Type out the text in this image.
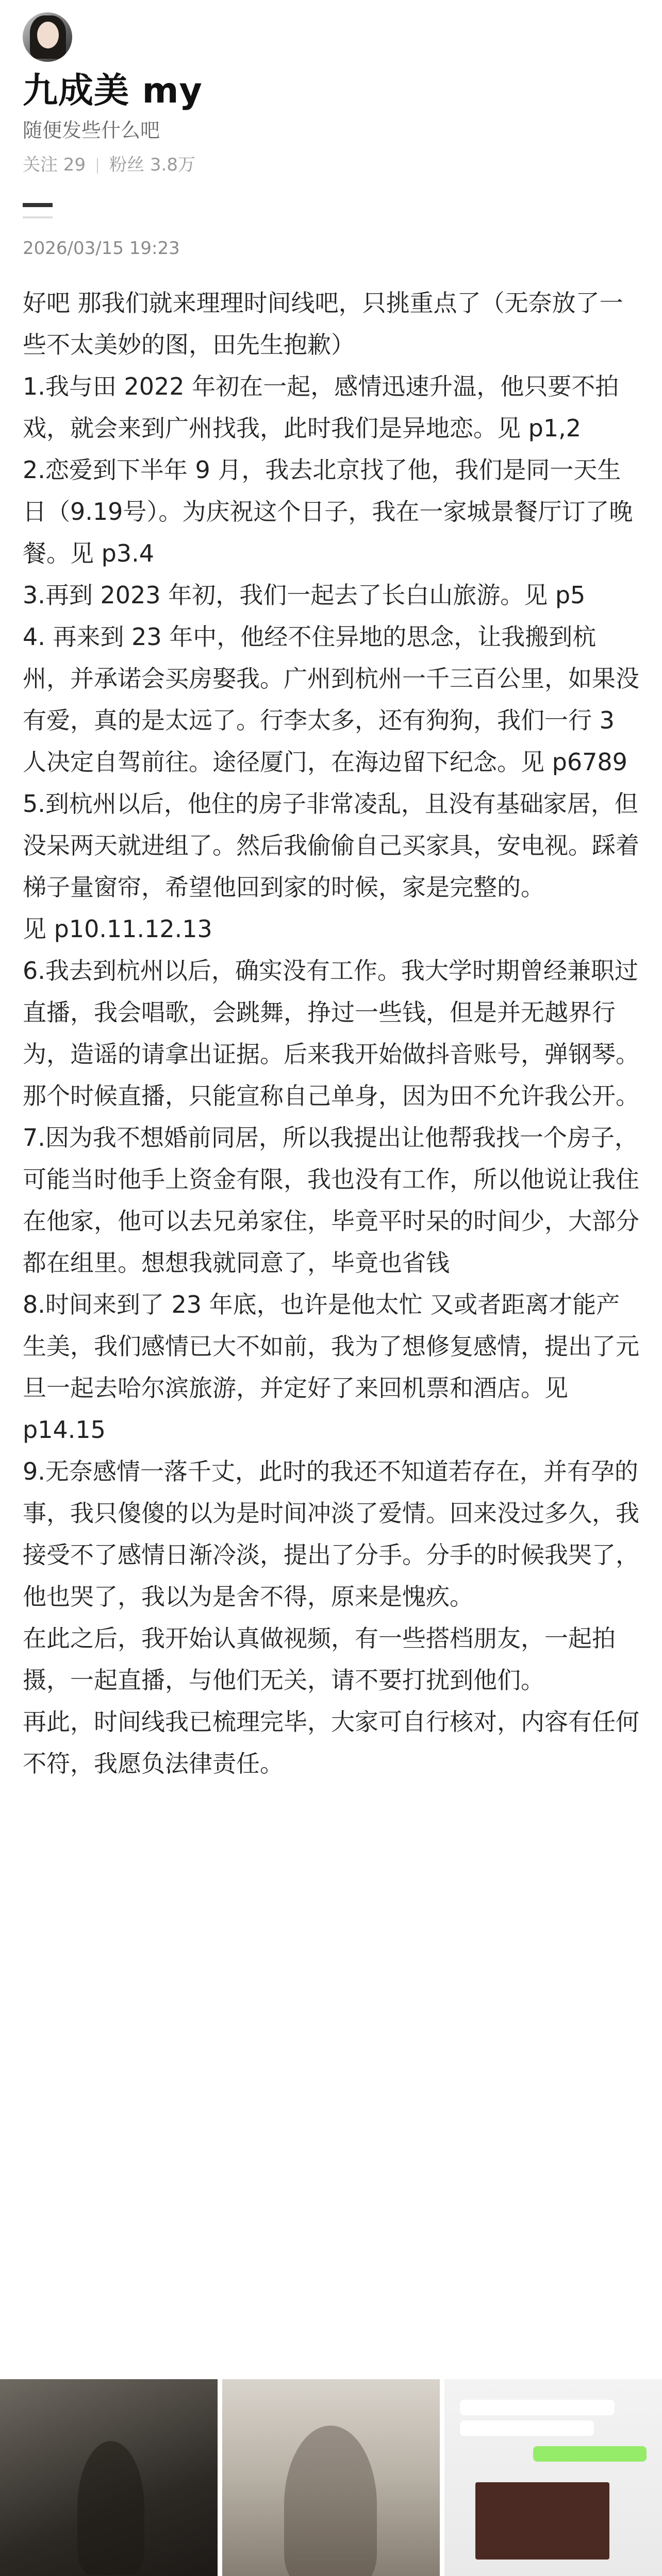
九成美 my
随便发些什么吧
关注 29 粉丝 3.8万
2026/03/15 19:23

好吧 那我们就来理理时间线吧，只挑重点了（无奈放了一些不太美妙的图，田先生抱歉）

1.我与田 2022 年初在一起，感情迅速升温，他只要不拍戏，就会来到广州找我，此时我们是异地恋。见 p1,2

2.恋爱到下半年 9 月，我去北京找了他，我们是同一天生日（9.19号）。为庆祝这个日子，我在一家城景餐厅订了晚餐。见 p3.4

3.再到 2023 年初，我们一起去了长白山旅游。见 p5

4. 再来到 23 年中，他经不住异地的思念，让我搬到杭州，并承诺会买房娶我。广州到杭州一千三百公里，如果没有爱，真的是太远了。行李太多，还有狗狗，我们一行 3 人决定自驾前往。途径厦门，在海边留下纪念。见 p6789

5.到杭州以后，他住的房子非常凌乱，且没有基础家居，但没呆两天就进组了。然后我偷偷自己买家具，安电视。踩着梯子量窗帘，希望他回到家的时候，家是完整的。

见 p10.11.12.13

6.我去到杭州以后，确实没有工作。我大学时期曾经兼职过直播，我会唱歌，会跳舞，挣过一些钱，但是并无越界行为，造谣的请拿出证据。后来我开始做抖音账号，弹钢琴。那个时候直播，只能宣称自己单身，因为田不允许我公开。

7.因为我不想婚前同居，所以我提出让他帮我找一个房子，可能当时他手上资金有限，我也没有工作，所以他说让我住在他家，他可以去兄弟家住，毕竟平时呆的时间少，大部分都在组里。想想我就同意了，毕竟也省钱

8.时间来到了 23 年底，也许是他太忙 又或者距离才能产生美，我们感情已大不如前，我为了想修复感情，提出了元旦一起去哈尔滨旅游，并定好了来回机票和酒店。见 p14.15

9.无奈感情一落千丈，此时的我还不知道若存在，并有孕的事，我只傻傻的以为是时间冲淡了爱情。回来没过多久，我接受不了感情日渐冷淡，提出了分手。分手的时候我哭了，他也哭了，我以为是舍不得，原来是愧疚。

在此之后，我开始认真做视频，有一些搭档朋友，一起拍摄，一起直播，与他们无关，请不要打扰到他们。

再此，时间线我已梳理完毕，大家可自行核对，内容有任何不符，我愿负法律责任。
